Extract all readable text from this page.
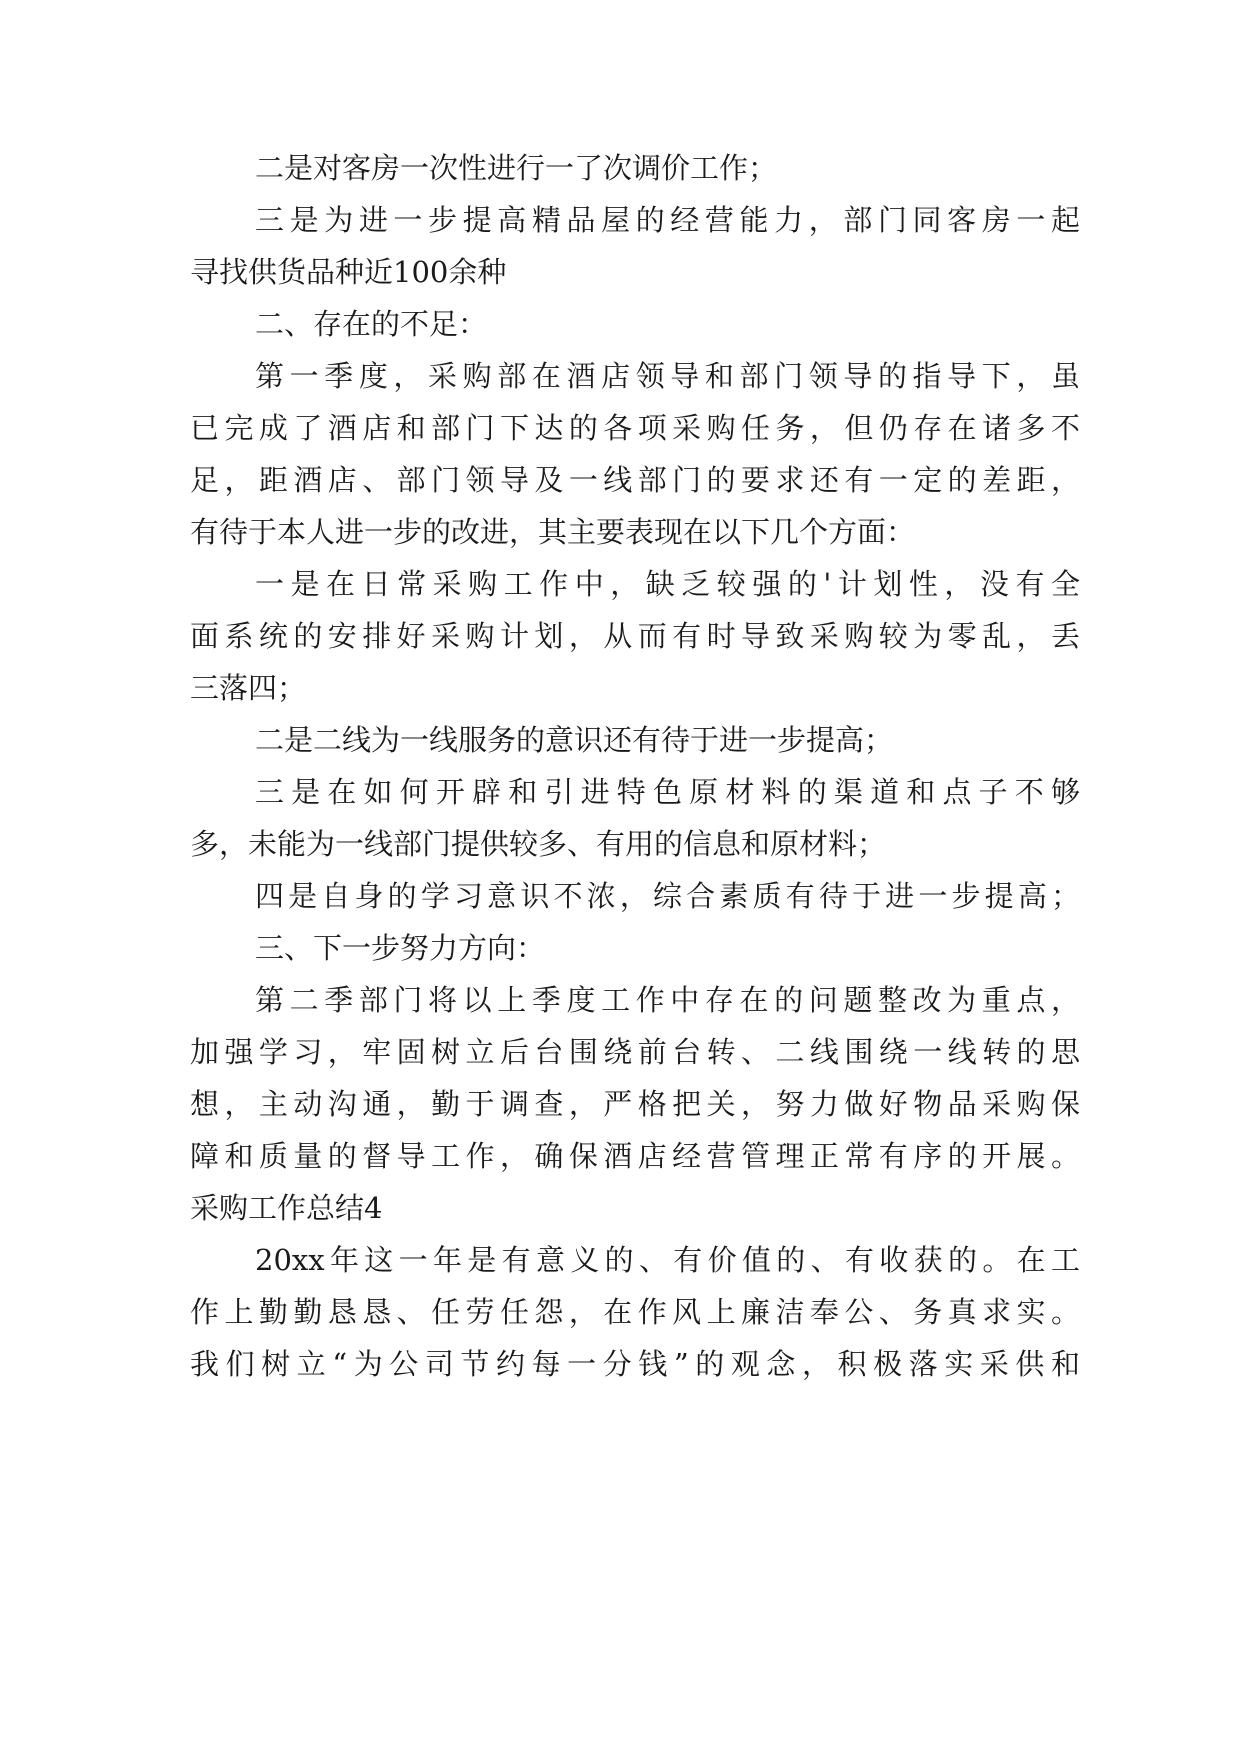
二是对客房一次性进行一了次调价工作；
三是为进一步提高精品屋的经营能力，部门同客房一起
寻找供货品种近100余种
二、存在的不足：
第一季度，采购部在酒店领导和部门领导的指导下，虽
已完成了酒店和部门下达的各项采购任务，但仍存在诸多不
足，距酒店、部门领导及一线部门的要求还有一定的差距，
有待于本人进一步的改进，其主要表现在以下几个方面：
一是在日常采购工作中，缺乏较强的'计划性，没有全
面系统的安排好采购计划，从而有时导致采购较为零乱，丢
三落四；
二是二线为一线服务的意识还有待于进一步提高；
三是在如何开辟和引进特色原材料的渠道和点子不够
多，未能为一线部门提供较多、有用的信息和原材料；
四是自身的学习意识不浓，综合素质有待于进一步提高；
三、下一步努力方向：
第二季部门将以上季度工作中存在的问题整改为重点，
加强学习，牢固树立后台围绕前台转、二线围绕一线转的思
想，主动沟通，勤于调查，严格把关，努力做好物品采购保
障和质量的督导工作，确保酒店经营管理正常有序的开展。
采购工作总结4
20xx年这一年是有意义的、有价值的、有收获的。在工
作上勤勤恳恳、任劳任怨，在作风上廉洁奉公、务真求实。
我们树立“为公司节约每一分钱”的观念，积极落实采供和
